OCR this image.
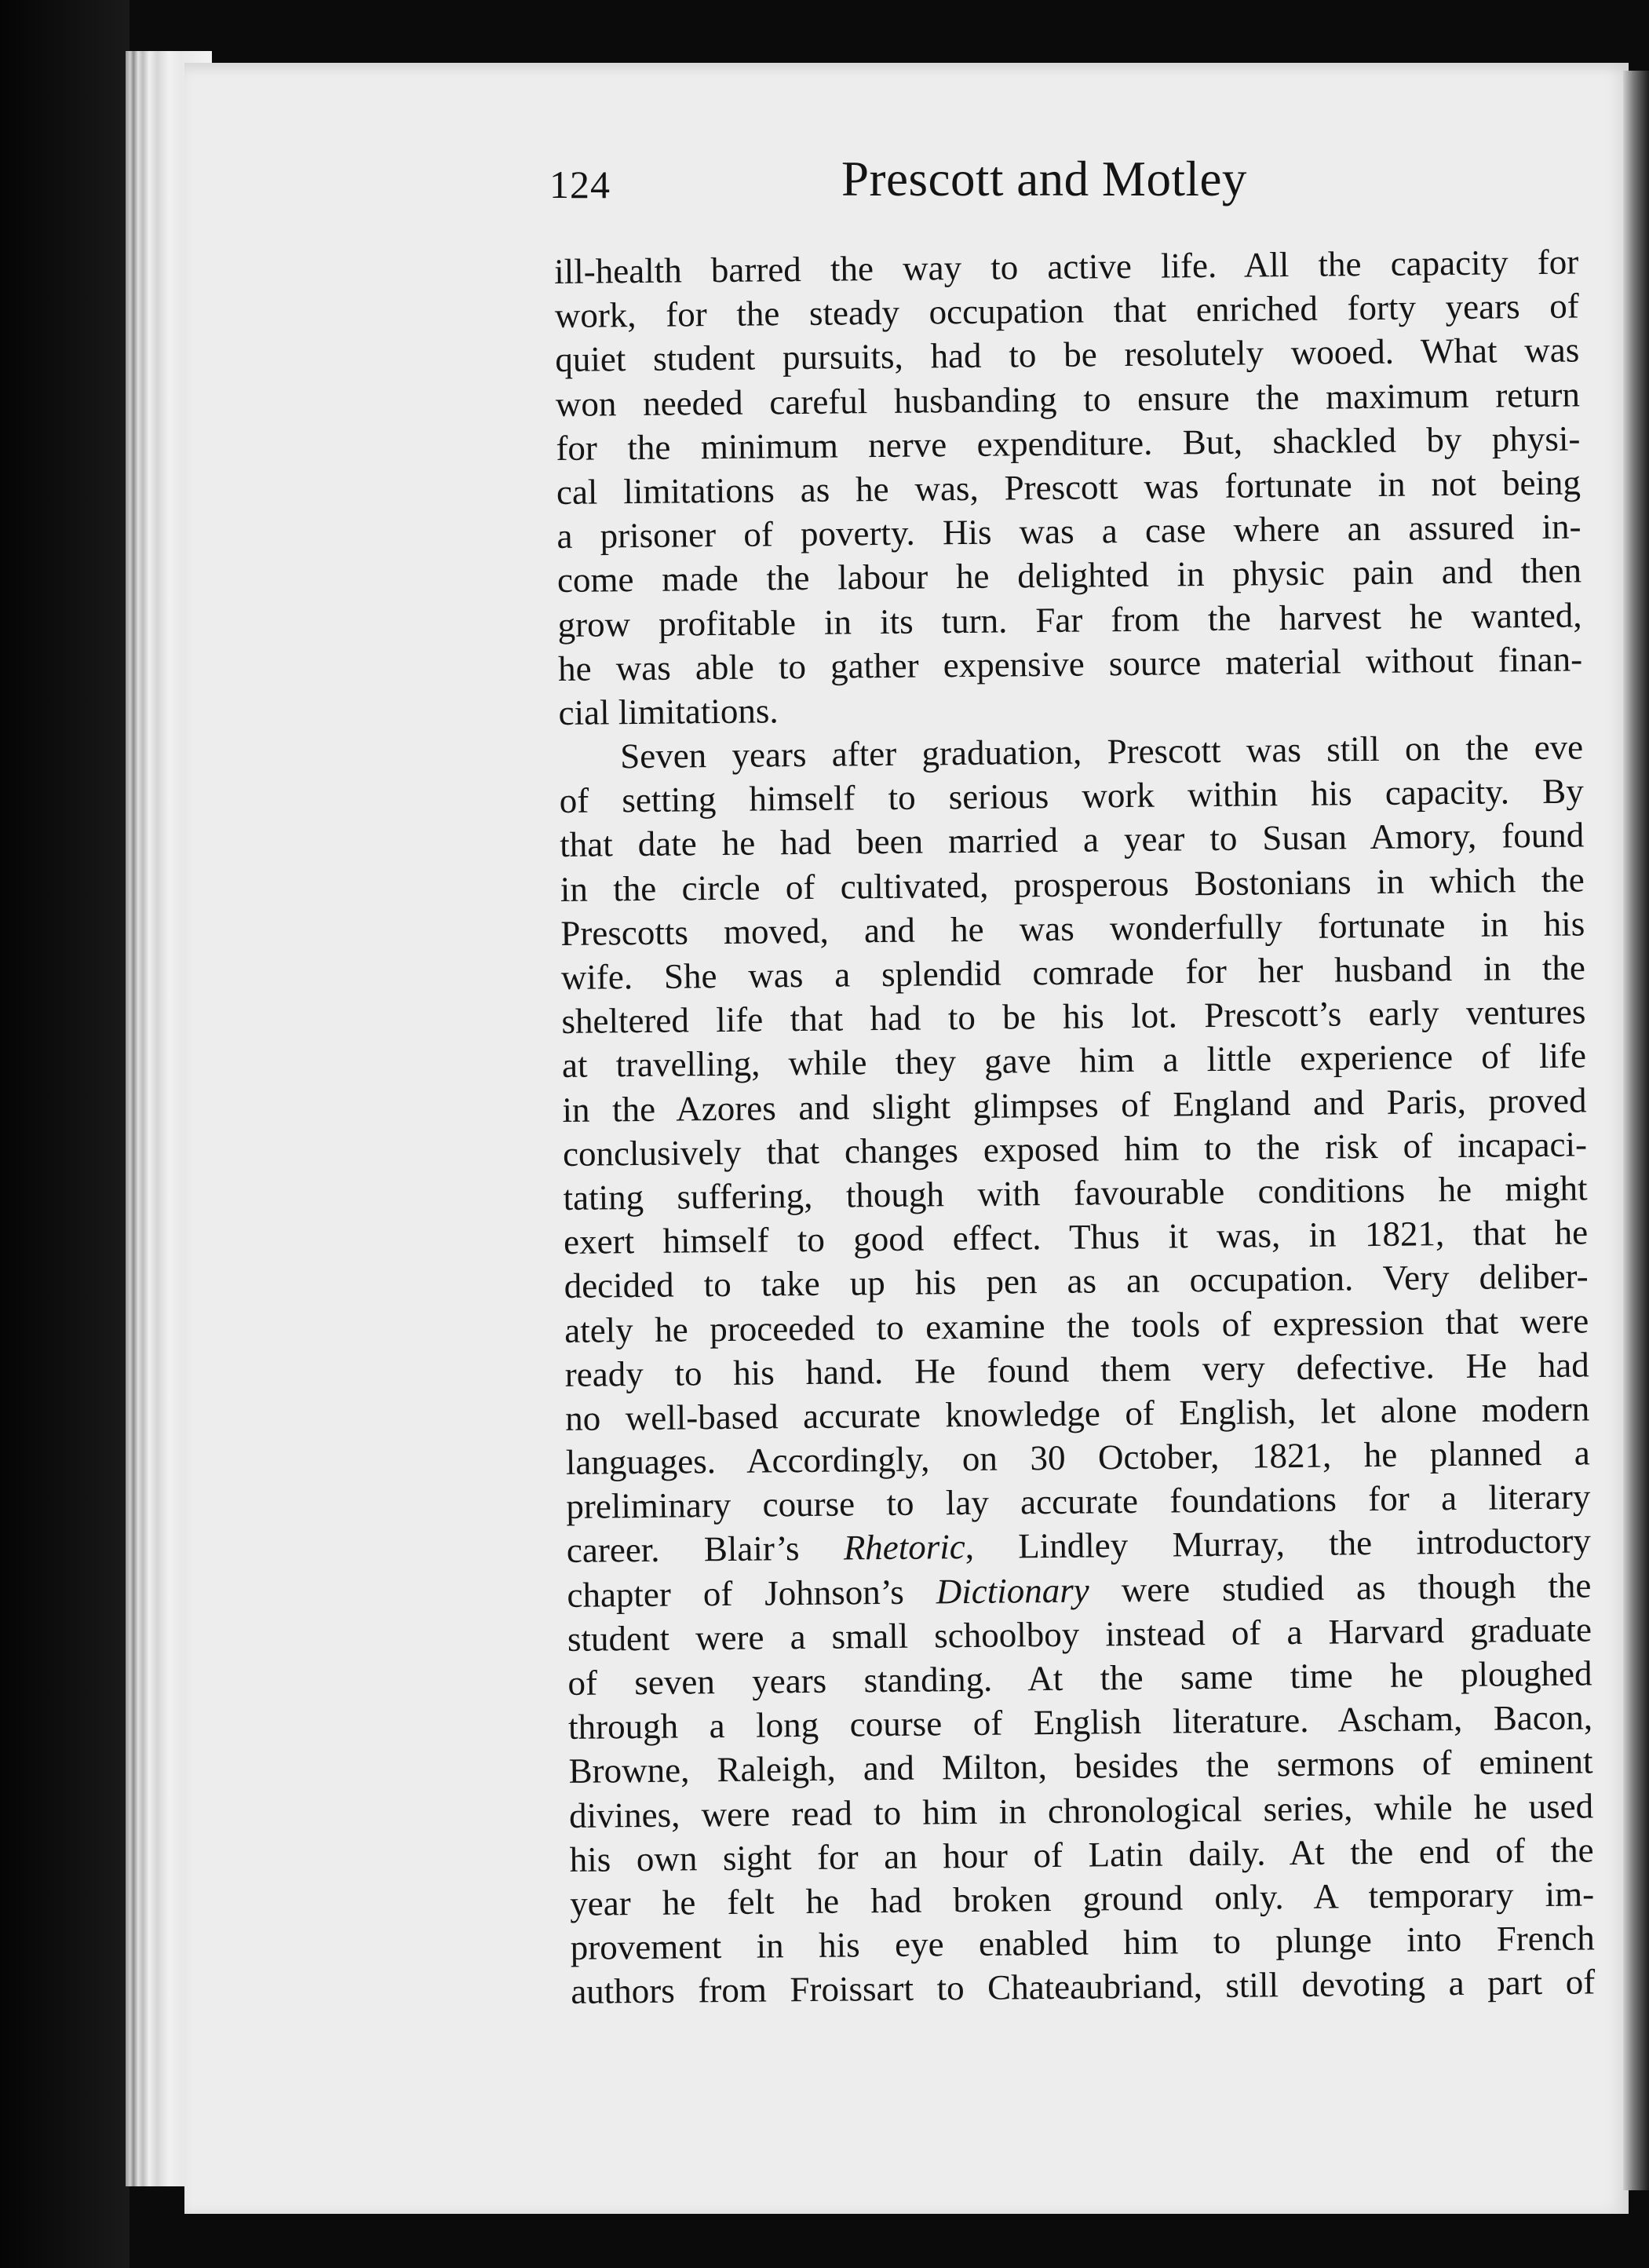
124	Prescott and Motley
ill-health barred the way to active life. All the capacity for
work, for the steady occupation that enriched forty years of
quiet student pursuits, had to be resolutely wooed. What was
won needed careful husbanding to ensure the maximum return
for the minimum nerve expenditure. But, shackled by physi-
cal limitations as he was, Prescott was fortunate in not being
a prisoner of poverty. His was a case where an assured in-
come made the labour he delighted in physic pain and then
grow profitable in its turn. Far from the harvest he wanted,
he was able to gather expensive source material without finan-
cial limitations.
Seven years after graduation, Prescott was still on the eve
of setting himself to serious work within his capacity. By
that date he had been married a year to Susan Amory, found
in the circle of cultivated, prosperous Bostonians in which the
Prescotts moved, and he was wonderfully fortunate in his
wife. She was a splendid comrade for her husband in the
sheltered life that had to be his lot. Prescott’s early ventures
at travelling, while they gave him a little experience of life
in the Azores and slight glimpses of England and Paris, proved
conclusively that changes exposed him to the risk of incapaci-
tating suffering, though with favourable conditions he might
exert himself to good effect. Thus it was, in 1821, that he
decided to take up his pen as an occupation. Very deliber-
ately he proceeded to examine the tools of expression that were
ready to his hand. He found them very defective. He had
no well-based accurate knowledge of English, let alone modern
languages. Accordingly, on 30 October, 1821, he planned a
preliminary course to lay accurate foundations for a literary
career. Blair’s Rhetoric, Lindley Murray, the introductory
chapter of Johnson’s Dictionary were studied as though the
student were a small schoolboy instead of a Harvard graduate
of seven years standing. At the same time he ploughed
through a long course of English literature. Ascham, Bacon,
Browne, Raleigh, and Milton, besides the sermons of eminent
divines, were read to him in chronological series, while he used
his own sight for an hour of Latin daily. At the end of the
year he felt he had broken ground only. A temporary im-
provement in his eye enabled him to plunge into French
authors from Froissart to Chateaubriand, still devoting a part of
